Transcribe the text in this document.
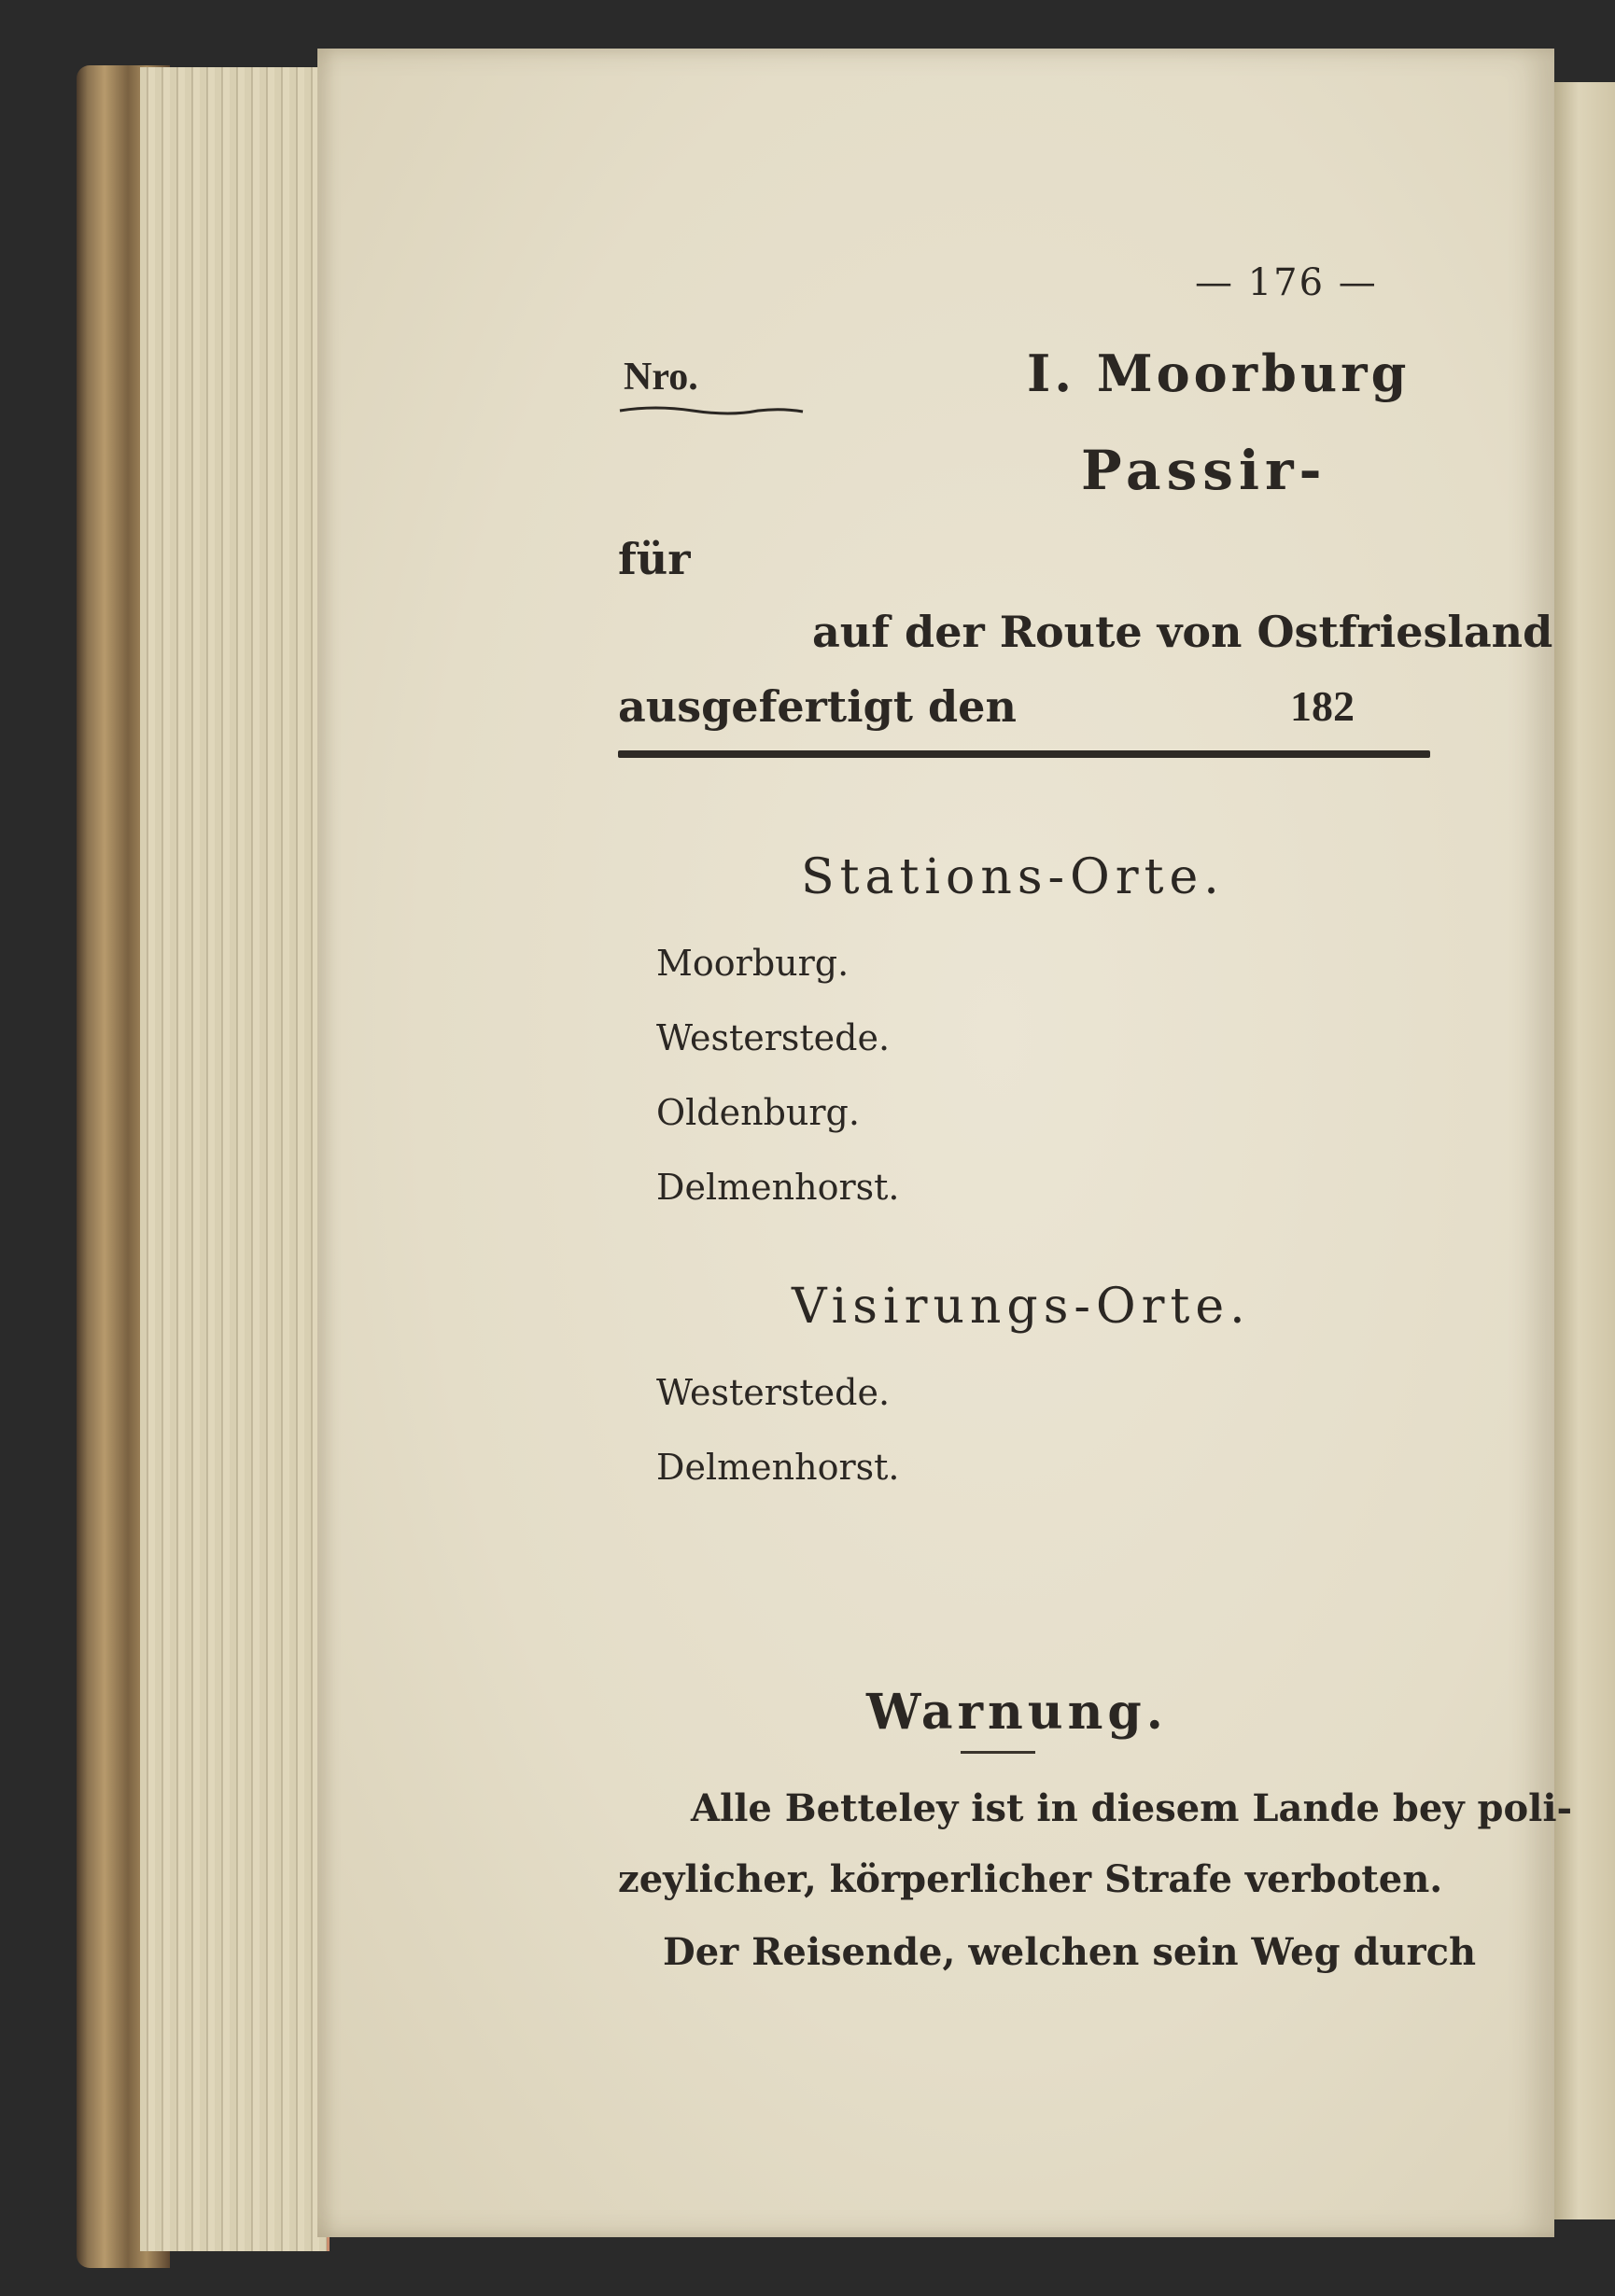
— 176 —
Nro.	I. Moorburg
Passir-
für
auf der Route von Ostfriesland
ausgefertigt den	182
Stations-Orte.
Moorburg.
Westerstede.
Oldenburg.
Delmenhorst.
Visirungs-Orte.
Westerstede.
Delmenhorst.
Warnung.
Alle Betteley ist in diesem Lande bey poli-
zeylicher, körperlicher Strafe verboten.
Der Reisende, welchen sein Weg durch
